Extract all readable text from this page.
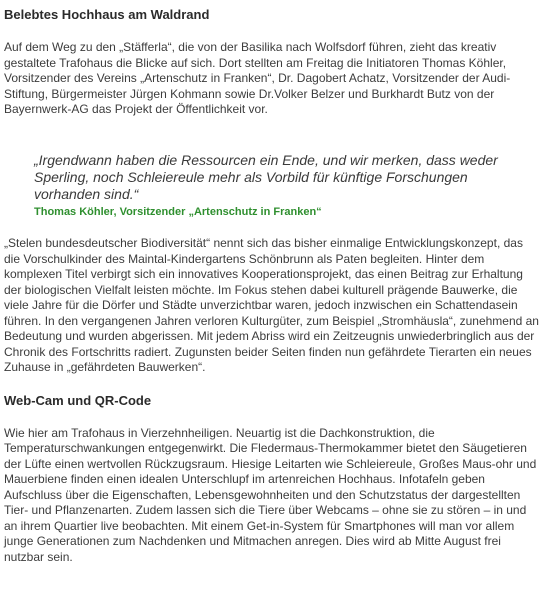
Belebtes Hochhaus am Waldrand

Auf dem Weg zu den „Stäfferla“, die von der Basilika nach Wolfsdorf führen, zieht das kreativ gestaltete Trafohaus die Blicke auf sich. Dort stellten am Freitag die Initiatoren Thomas Köhler, Vorsitzender des Vereins „Artenschutz in Franken“, Dr. Dagobert Achatz, Vorsitzender der Audi-Stiftung, Bürgermeister Jürgen Kohmann sowie Dr.Volker Belzer und Burkhardt Butz von der Bayernwerk-AG das Projekt der Öffentlichkeit vor.

„Irgendwann haben die Ressourcen ein Ende, und wir merken, dass weder Sperling, noch Schleiereule mehr als Vorbild für künftige Forschungen vorhanden sind.“
Thomas Köhler, Vorsitzender „Artenschutz in Franken“

„Stelen bundesdeutscher Biodiversität“ nennt sich das bisher einmalige Entwicklungskonzept, das die Vorschulkinder des Maintal-Kindergartens Schönbrunn als Paten begleiten. Hinter dem komplexen Titel verbirgt sich ein innovatives Kooperationsprojekt, das einen Beitrag zur Erhaltung der biologischen Vielfalt leisten möchte. Im Fokus stehen dabei kulturell prägende Bauwerke, die viele Jahre für die Dörfer und Städte unverzichtbar waren, jedoch inzwischen ein Schattendasein führen. In den vergangenen Jahren verloren Kulturgüter, zum Beispiel „Stromhäusla“, zunehmend an Bedeutung und wurden abgerissen. Mit jedem Abriss wird ein Zeitzeugnis unwiederbringlich aus der Chronik des Fortschritts radiert. Zugunsten beider Seiten finden nun gefährdete Tierarten ein neues Zuhause in „gefährdeten Bauwerken“.

Web-Cam und QR-Code

Wie hier am Trafohaus in Vierzehnheiligen. Neuartig ist die Dachkonstruktion, die Temperaturschwankungen entgegenwirkt. Die Fledermaus-Thermokammer bietet den Säugetieren der Lüfte einen wertvollen Rückzugsraum. Hiesige Leitarten wie Schleiereule, Großes Maus-ohr und Mauerbiene finden einen idealen Unterschlupf im artenreichen Hochhaus. Infotafeln geben Aufschluss über die Eigenschaften, Lebensgewohnheiten und den Schutzstatus der dargestellten Tier- und Pflanzenarten. Zudem lassen sich die Tiere über Webcams – ohne sie zu stören – in und an ihrem Quartier live beobachten. Mit einem Get-in-System für Smartphones will man vor allem junge Generationen zum Nachdenken und Mitmachen anregen. Dies wird ab Mitte August frei nutzbar sein.
